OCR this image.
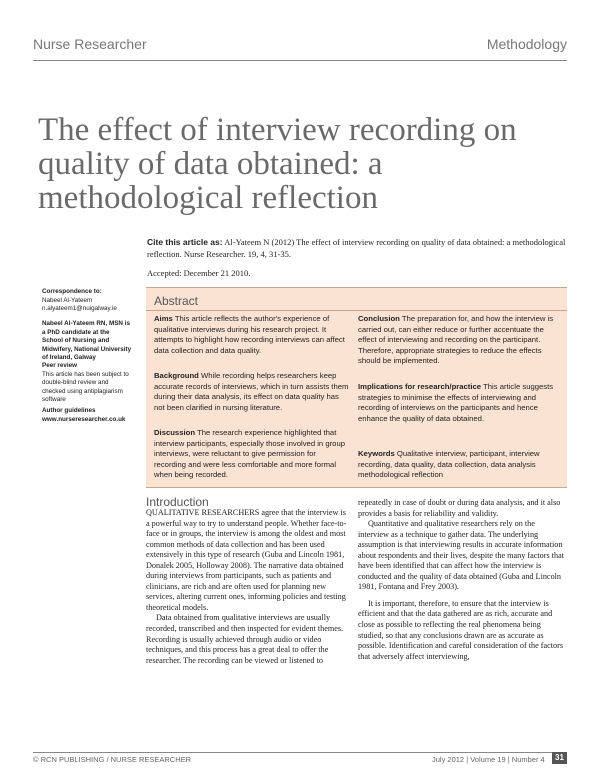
Nurse Researcher	Methodology
The effect of interview recording on quality of data obtained: a methodological reflection
Cite this article as: Al-Yateem N (2012) The effect of interview recording on quality of data obtained: a methodological reflection. Nurse Researcher. 19, 4, 31-35.
Accepted: December 21 2010.
Correspondence to:
Nabeel Al-Yateem
n.alyateem1@nuigalway.ie
Nabeel Al-Yateem RN, MSN is a PhD candidate at the School of Nursing and Midwifery, National University of Ireland, Galway
Peer review
This article has been subject to double-blind review and checked using antiplagiarism software
Author guidelines
www.nurseresearcher.co.uk
Abstract

Aims This article reflects the author's experience of qualitative interviews during his research project. It attempts to highlight how recording interviews can affect data collection and data quality.

Background While recording helps researchers keep accurate records of interviews, which in turn assists them during their data analysis, its effect on data quality has not been clarified in nursing literature.

Discussion The research experience highlighted that interview participants, especially those involved in group interviews, were reluctant to give permission for recording and were less comfortable and more formal when being recorded.

Conclusion The preparation for, and how the interview is carried out, can either reduce or further accentuate the effect of interviewing and recording on the participant. Therefore, appropriate strategies to reduce the effects should be implemented.

Implications for research/practice This article suggests strategies to minimise the effects of interviewing and recording of interviews on the participants and hence enhance the quality of data obtained.

Keywords Qualitative interview, participant, interview recording, data quality, data collection, data analysis methodological reflection

Introduction

QUALITATIVE RESEARCHERS agree that the interview is a powerful way to try to understand people. Whether face-to-face or in groups, the interview is among the oldest and most common methods of data collection and has been used extensively in this type of research (Guba and Lincoln 1981, Donalek 2005, Holloway 2008). The narrative data obtained during interviews from participants, such as patients and clinicians, are rich and are often used for planning new services, altering current ones, informing policies and testing theoretical models.

Data obtained from qualitative interviews are usually recorded, transcribed and then inspected for evident themes. Recording is usually achieved through audio or video techniques, and this process has a great deal to offer the researcher. The recording can be viewed or listened to

repeatedly in case of doubt or during data analysis, and it also provides a basis for reliability and validity.

Quantitative and qualitative researchers rely on the interview as a technique to gather data. The underlying assumption is that interviewing results in accurate information about respondents and their lives, despite the many factors that have been identified that can affect how the interview is conducted and the quality of data obtained (Guba and Lincoln 1981, Fontana and Frey 2003).

It is important, therefore, to ensure that the interview is efficient and that the data gathered are as rich, accurate and close as possible to reflecting the real phenomena being studied, so that any conclusions drawn are as accurate as possible. Identification and careful consideration of the factors that adversely affect interviewing,

© RCN PUBLISHING / NURSE RESEARCHER	July 2012 | Volume 19 | Number 4	31
